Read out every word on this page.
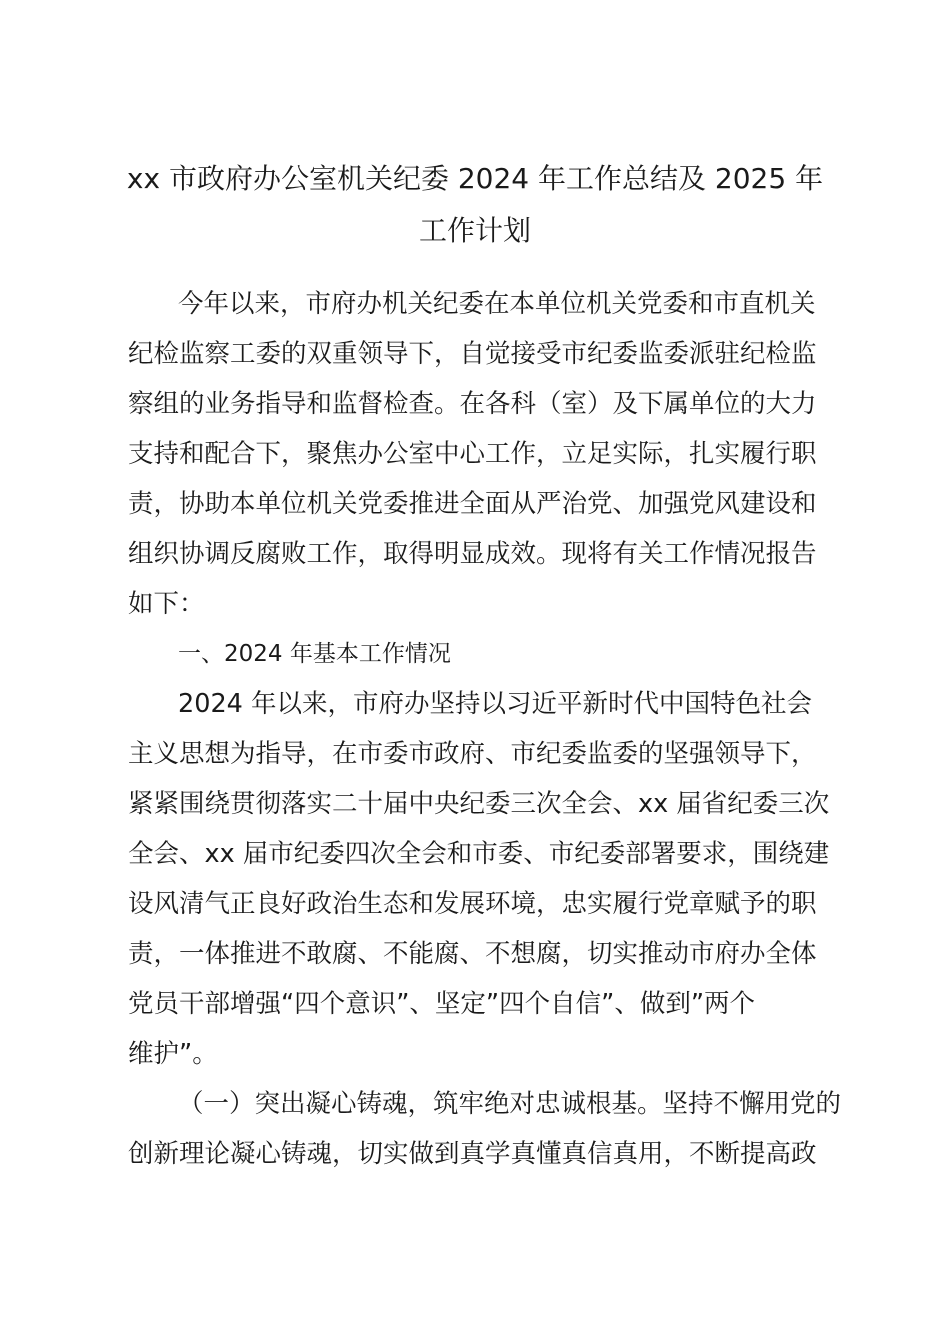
xx 市政府办公室机关纪委 2024 年工作总结及 2025 年
工作计划
今年以来，市府办机关纪委在本单位机关党委和市直机关
纪检监察工委的双重领导下，自觉接受市纪委监委派驻纪检监
察组的业务指导和监督检查。在各科（室）及下属单位的大力
支持和配合下，聚焦办公室中心工作，立足实际，扎实履行职
责，协助本单位机关党委推进全面从严治党、加强党风建设和
组织协调反腐败工作，取得明显成效。现将有关工作情况报告
如下：
一、2024 年基本工作情况
2024 年以来，市府办坚持以习近平新时代中国特色社会
主义思想为指导，在市委市政府、市纪委监委的坚强领导下，
紧紧围绕贯彻落实二十届中央纪委三次全会、xx 届省纪委三次
全会、xx 届市纪委四次全会和市委、市纪委部署要求，围绕建
设风清气正良好政治生态和发展环境，忠实履行党章赋予的职
责，一体推进不敢腐、不能腐、不想腐，切实推动市府办全体
党员干部增强“四个意识”、坚定”四个自信”、做到”两个
维护”。
（一）突出凝心铸魂，筑牢绝对忠诚根基。坚持不懈用党的
创新理论凝心铸魂，切实做到真学真懂真信真用，不断提高政
